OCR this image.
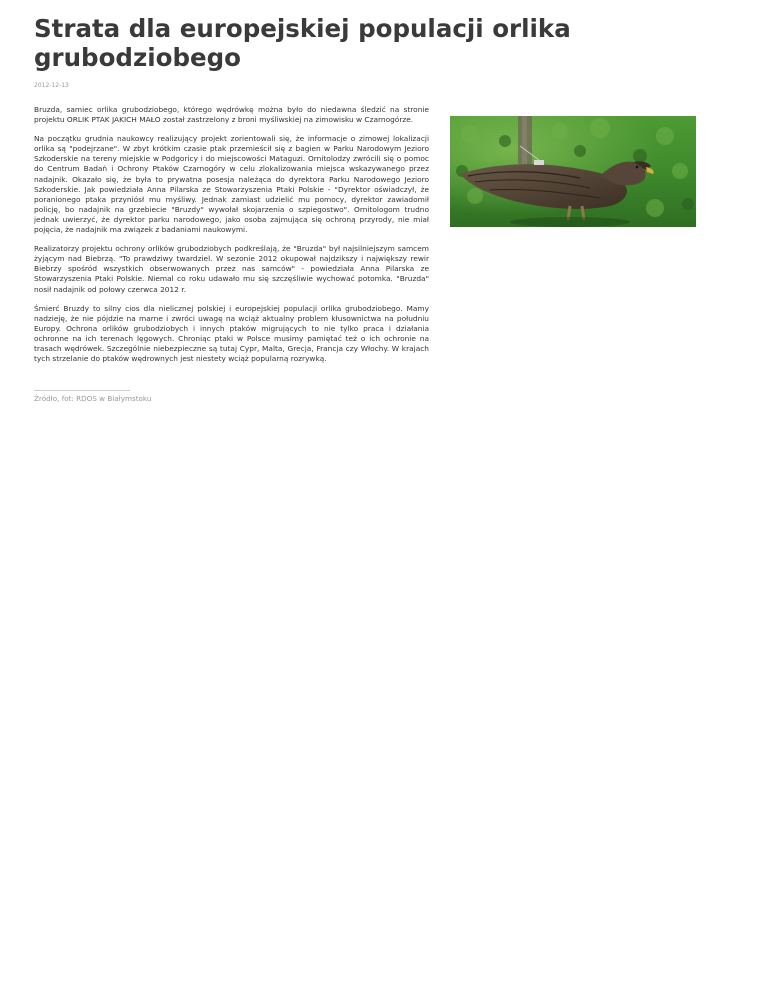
Strata dla europejskiej populacji orlika grubodziobego
2012-12-13

Bruzda, samiec orlika grubodziobego, którego wędrówkę można było do niedawna śledzić na stronie projektu ORLIK PTAK JAKICH MAŁO został zastrzelony z broni myśliwskiej na zimowisku w Czarnogórze.

Na początku grudnia naukowcy realizujący projekt zorientowali się, że informacje o zimowej lokalizacji orlika są "podejrzane". W zbyt krótkim czasie ptak przemieścił się z bagien w Parku Narodowym Jezioro Szkoderskie na tereny miejskie w Podgoricy i do miejscowości Mataguzi. Ornitolodzy zwrócili się o pomoc do Centrum Badań i Ochrony Ptaków Czarnogóry w celu zlokalizowania miejsca wskazywanego przez nadajnik. Okazało się, że była to prywatna posesja należąca do dyrektora Parku Narodowego Jezioro Szkoderskie. Jak powiedziała Anna Pilarska ze Stowarzyszenia Ptaki Polskie - "Dyrektor oświadczył, że poranionego ptaka przyniósł mu myśliwy. Jednak zamiast udzielić mu pomocy, dyrektor zawiadomił policję, bo nadajnik na grzebiecie "Bruzdy" wywołał skojarzenia o szpiegostwo". Ornitologom trudno jednak uwierzyć, że dyrektor parku narodowego, jako osoba zajmująca się ochroną przyrody, nie miał pojęcia, że nadajnik ma związek z badaniami naukowymi.

Realizatorzy projektu ochrony orlików grubodziobych podkreślają, że "Bruzda" był najsilniejszym samcem żyjącym nad Biebrzą. "To prawdziwy twardziel. W sezonie 2012 okupował najdzikszy i największy rewir Biebrzy spośród wszystkich obserwowanych przez nas samców" - powiedziała Anna Pilarska ze Stowarzyszenia Ptaki Polskie. Niemal co roku udawało mu się szczęśliwie wychować potomka. "Bruzda" nosił nadajnik od połowy czerwca 2012 r.

Śmierć Bruzdy to silny cios dla nielicznej polskiej i europejskiej populacji orlika grubodziobego. Mamy nadzieję, że nie pójdzie na marne i zwróci uwagę na wciąż aktualny problem kłusownictwa na południu Europy. Ochrona orlików grubodziobych i innych ptaków migrujących to nie tylko praca i działania ochronne na ich terenach lęgowych. Chroniąc ptaki w Polsce musimy pamiętać też o ich ochronie na trasach wędrówek. Szczególnie niebezpieczne są tutaj Cypr, Malta, Grecja, Francja czy Włochy. W krajach tych strzelanie do ptaków wędrownych jest niestety wciąż popularną rozrywką.

Źródło, fot: RDOS w Białymstoku
